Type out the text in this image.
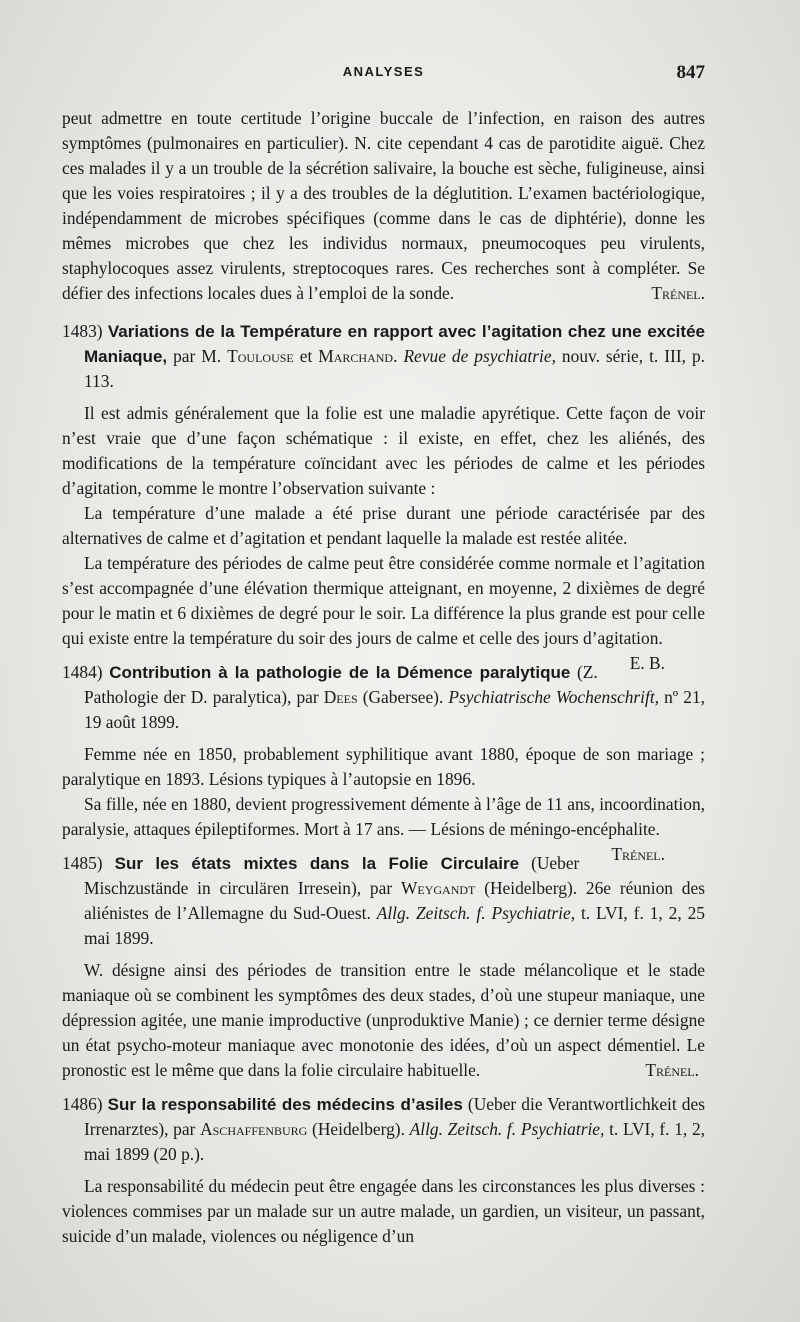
ANALYSES	847

peut admettre en toute certitude l’origine buccale de l’infection, en raison des autres symptômes (pulmonaires en particulier). N. cite cependant 4 cas de parotidite aiguë. Chez ces malades il y a un trouble de la sécrétion salivaire, la bouche est sèche, fuligineuse, ainsi que les voies respiratoires ; il y a des troubles de la déglutition. L’examen bactériologique, indépendamment de microbes spécifiques (comme dans le cas de diphtérie), donne les mêmes microbes que chez les individus normaux, pneumocoques peu virulents, staphylocoques assez virulents, streptocoques rares. Ces recherches sont à compléter. Se défier des infections locales dues à l’emploi de la sonde.	Trénel.

1483) Variations de la Température en rapport avec l’agitation chez une excitée Maniaque, par M. Toulouse et Marchand. Revue de psychiatrie, nouv. série, t. III, p. 113.

Il est admis généralement que la folie est une maladie apyrétique. Cette façon de voir n’est vraie que d’une façon schématique : il existe, en effet, chez les aliénés, des modifications de la température coïncidant avec les périodes de calme et les périodes d’agitation, comme le montre l’observation suivante :

La température d’une malade a été prise durant une période caractérisée par des alternatives de calme et d’agitation et pendant laquelle la malade est restée alitée.

La température des périodes de calme peut être considérée comme normale et l’agitation s’est accompagnée d’une élévation thermique atteignant, en moyenne, 2 dixièmes de degré pour le matin et 6 dixièmes de degré pour le soir. La différence la plus grande est pour celle qui existe entre la température du soir des jours de calme et celle des jours d’agitation.
E. B.

1484) Contribution à la pathologie de la Démence paralytique (Z. Pathologie der D. paralytica), par Dees (Gabersee). Psychiatrische Wochenschrift, nº 21, 19 août 1899.

Femme née en 1850, probablement syphilitique avant 1880, époque de son mariage ; paralytique en 1893. Lésions typiques à l’autopsie en 1896.

Sa fille, née en 1880, devient progressivement démente à l’âge de 11 ans, incoordination, paralysie, attaques épileptiformes. Mort à 17 ans. — Lésions de méningo-encéphalite.
Trénel.

1485) Sur les états mixtes dans la Folie Circulaire (Ueber Mischzustände in circulären Irresein), par Weygandt (Heidelberg). 26e réunion des aliénistes de l’Allemagne du Sud-Ouest. Allg. Zeitsch. f. Psychiatrie, t. LVI, f. 1, 2, 25 mai 1899.

W. désigne ainsi des périodes de transition entre le stade mélancolique et le stade maniaque où se combinent les symptômes des deux stades, d’où une stupeur maniaque, une dépression agitée, une manie improductive (unproduktive Manie) ; ce dernier terme désigne un état psycho-moteur maniaque avec monotonie des idées, d’où un aspect démentiel. Le pronostic est le même que dans la folie circulaire habituelle.	Trénel.

1486) Sur la responsabilité des médecins d’asiles (Ueber die Verantwortlichkeit des Irrenarztes), par Aschaffenburg (Heidelberg). Allg. Zeitsch. f. Psychiatrie, t. LVI, f. 1, 2, mai 1899 (20 p.).

La responsabilité du médecin peut être engagée dans les circonstances les plus diverses : violences commises par un malade sur un autre malade, un gardien, un visiteur, un passant, suicide d’un malade, violences ou négligence d’un
